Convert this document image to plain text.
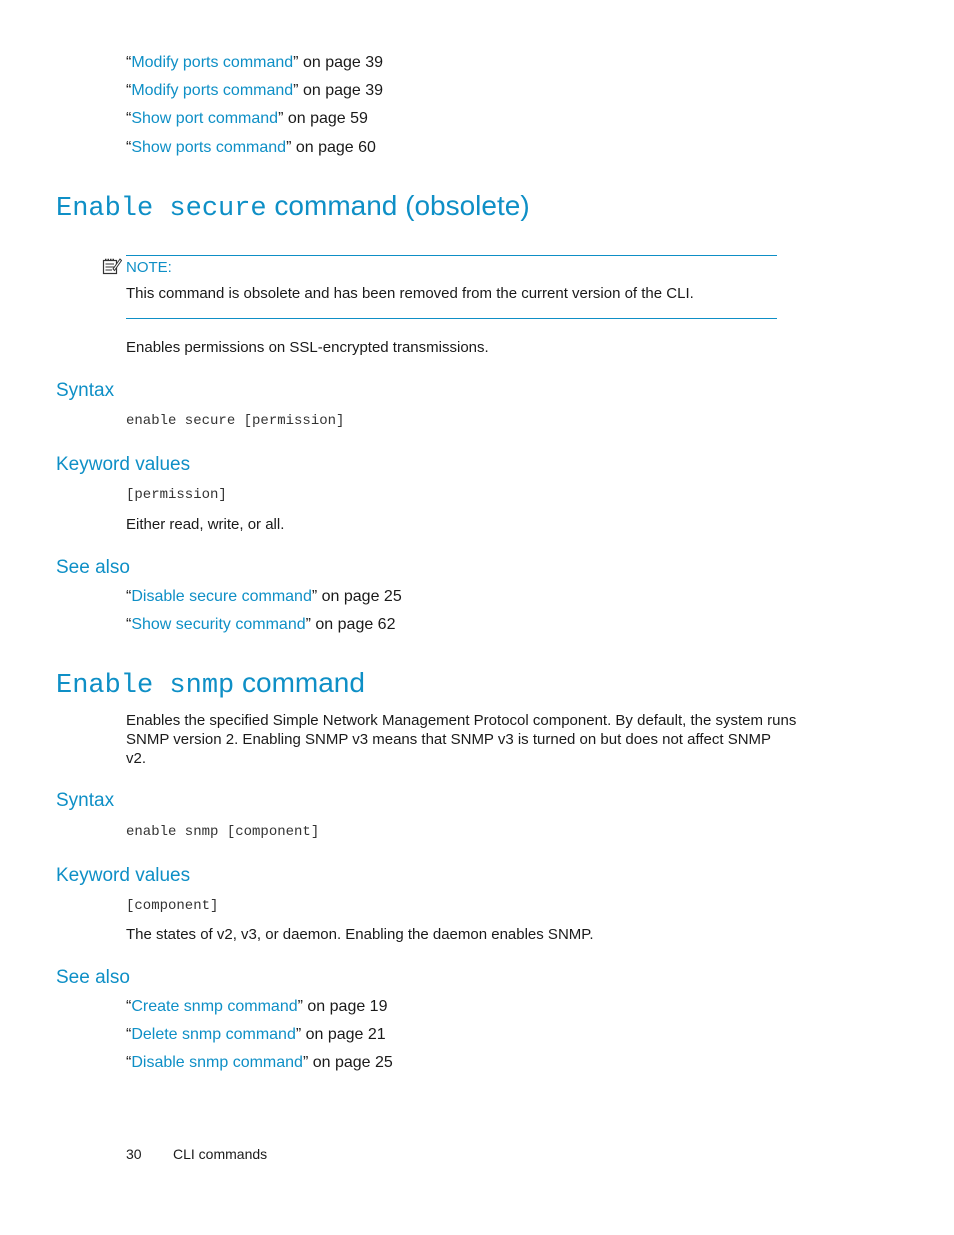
“Modify ports command” on page 39
“Modify ports command” on page 39
“Show port command” on page 59
“Show ports command” on page 60
Enable secure command (obsolete)
NOTE:
This command is obsolete and has been removed from the current version of the CLI.
Enables permissions on SSL-encrypted transmissions.
Syntax
enable secure [permission]
Keyword values
[permission]
Either read, write, or all.
See also
“Disable secure command” on page 25
“Show security command” on page 62
Enable snmp command
Enables the specified Simple Network Management Protocol component. By default, the system runs
SNMP version 2. Enabling SNMP v3 means that SNMP v3 is turned on but does not affect SNMP
v2.
Syntax
enable snmp [component]
Keyword values
[component]
The states of v2, v3, or daemon. Enabling the daemon enables SNMP.
See also
“Create snmp command” on page 19
“Delete snmp command” on page 21
“Disable snmp command” on page 25
30 CLI commands
